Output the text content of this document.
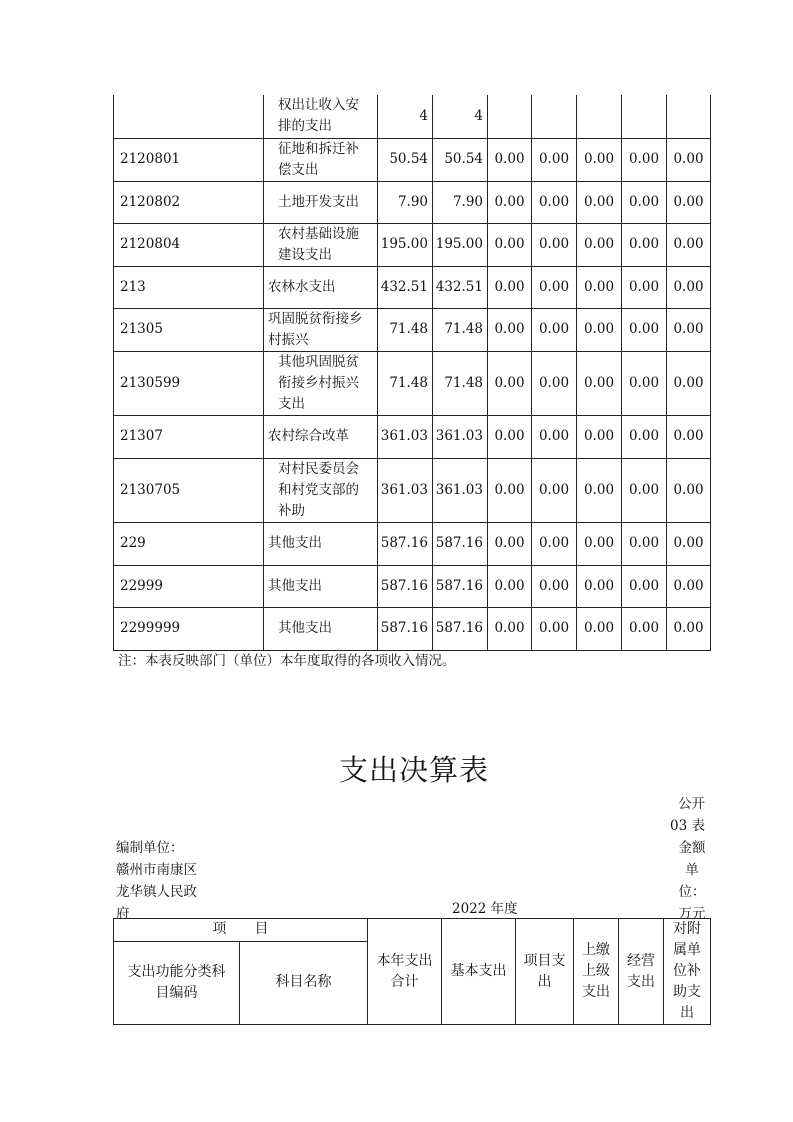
	权出让收入安排的支出	4	4					
2120801	征地和拆迁补偿支出	50.54	50.54	0.00	0.00	0.00	0.00	0.00
2120802	土地开发支出	7.90	7.90	0.00	0.00	0.00	0.00	0.00
2120804	农村基础设施建设支出	195.00	195.00	0.00	0.00	0.00	0.00	0.00
213	农林水支出	432.51	432.51	0.00	0.00	0.00	0.00	0.00
21305	巩固脱贫衔接乡村振兴	71.48	71.48	0.00	0.00	0.00	0.00	0.00
2130599	其他巩固脱贫衔接乡村振兴支出	71.48	71.48	0.00	0.00	0.00	0.00	0.00
21307	农村综合改革	361.03	361.03	0.00	0.00	0.00	0.00	0.00
2130705	对村民委员会和村党支部的补助	361.03	361.03	0.00	0.00	0.00	0.00	0.00
229	其他支出	587.16	587.16	0.00	0.00	0.00	0.00	0.00
22999	其他支出	587.16	587.16	0.00	0.00	0.00	0.00	0.00
2299999	其他支出	587.16	587.16	0.00	0.00	0.00	0.00	0.00
注：本表反映部门（单位）本年度取得的各项收入情况。
支出决算表
公开
03 表
金额单位：万元
编制单位：
赣州市南康区龙华镇人民政府	2022 年度
项　　目		本年支出合计	基本支出	项目支出	上缴上级支出	经营支出	对附属单位补助支出
支出功能分类科目编码	科目名称						
